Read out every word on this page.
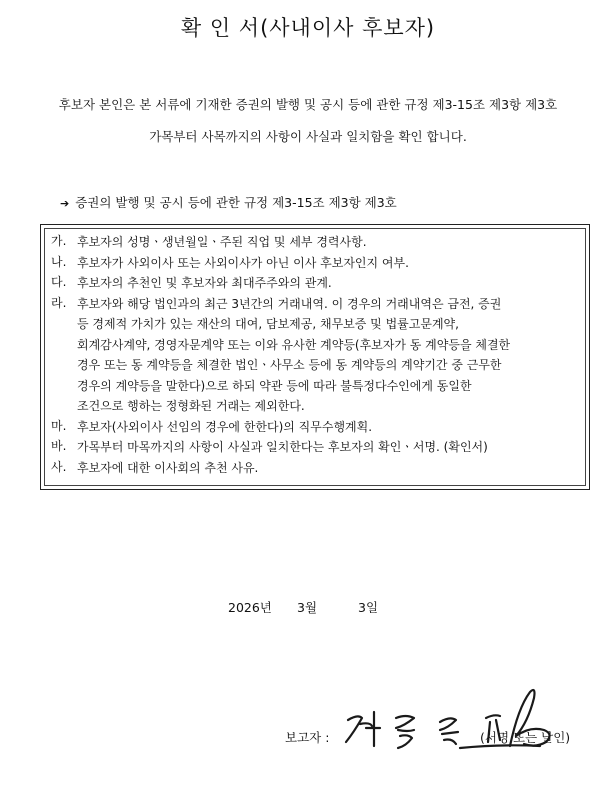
확 인 서(사내이사 후보자)
후보자 본인은 본 서류에 기재한 증권의 발행 및 공시 등에 관한 규정 제3-15조 제3항 제3호
가목부터 사목까지의 사항이 사실과 일치함을 확인 합니다.
➔ 증권의 발행 및 공시 등에 관한 규정 제3-15조 제3항 제3호
가. 후보자의 성명ㆍ생년월일ㆍ주된 직업 및 세부 경력사항.
나. 후보자가 사외이사 또는 사외이사가 아닌 이사 후보자인지 여부.
다. 후보자의 추천인 및 후보자와 최대주주와의 관계.
라. 후보자와 해당 법인과의 최근 3년간의 거래내역. 이 경우의 거래내역은 금전, 증권
등 경제적 가치가 있는 재산의 대여, 담보제공, 채무보증 및 법률고문계약,
회계감사계약, 경영자문계약 또는 이와 유사한 계약등(후보자가 동 계약등을 체결한
경우 또는 동 계약등을 체결한 법인ㆍ사무소 등에 동 계약등의 계약기간 중 근무한
경우의 계약등을 말한다)으로 하되 약관 등에 따라 불특정다수인에게 동일한
조건으로 행하는 정형화된 거래는 제외한다.
마. 후보자(사외이사 선임의 경우에 한한다)의 직무수행계획.
바. 가목부터 마목까지의 사항이 사실과 일치한다는 후보자의 확인ㆍ서명. (확인서)
사. 후보자에 대한 이사회의 추천 사유.
2026년 3월	3일
보고자 :	(서명 또는 날인)
